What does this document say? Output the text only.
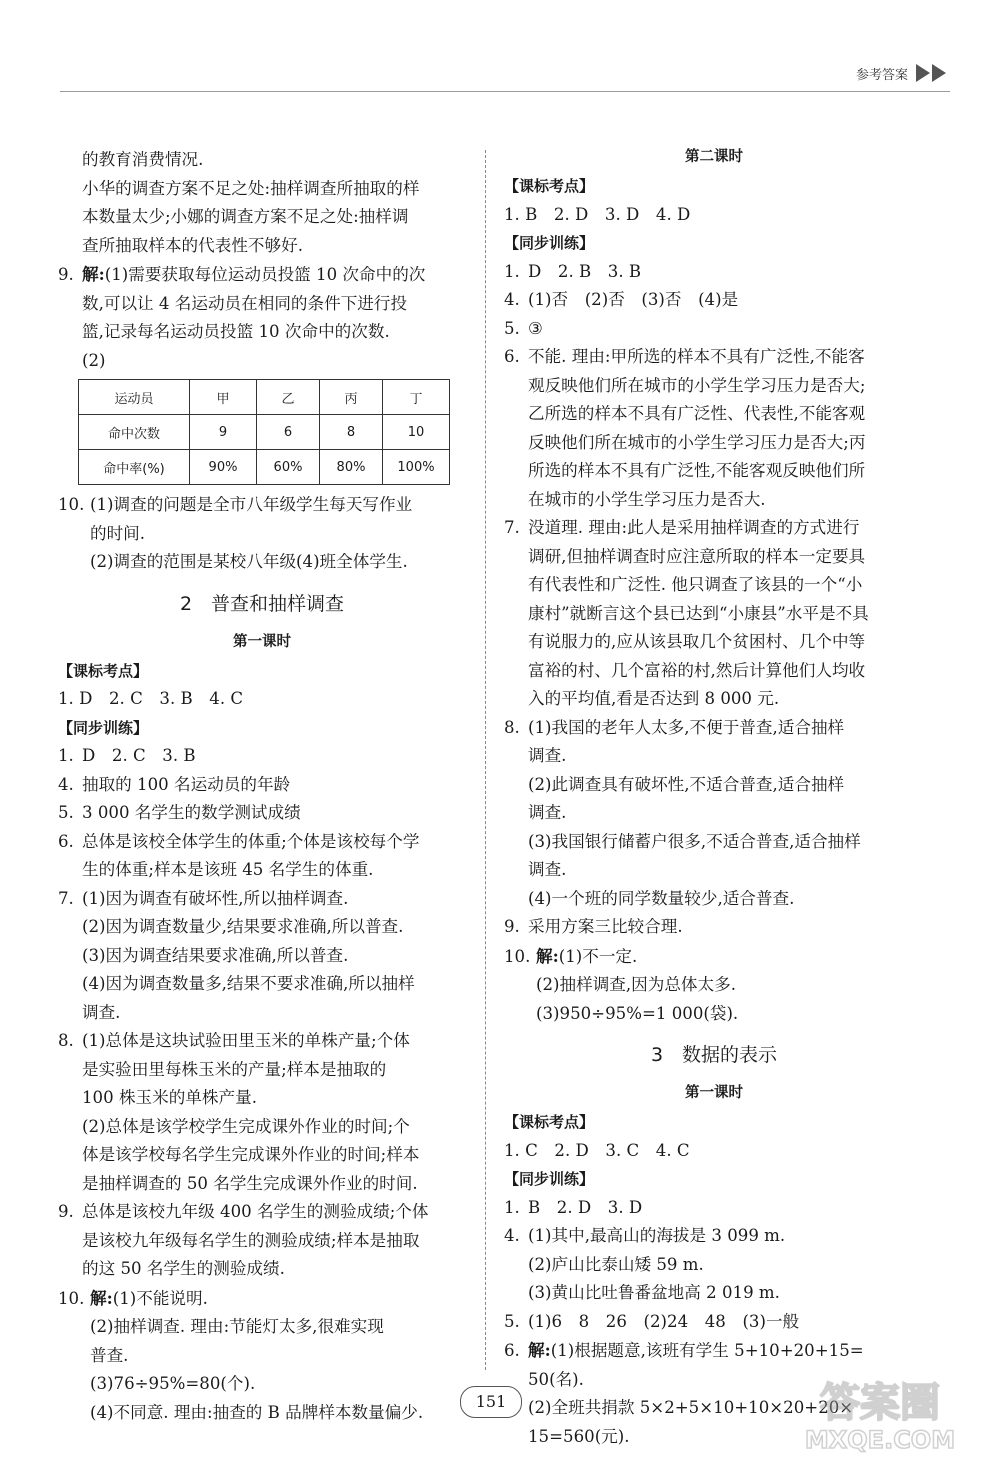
参考答案

的教育消费情况.

小华的调查方案不足之处:抽样调查所抽取的样

本数量太少;小娜的调查方案不足之处:抽样调

查所抽取样本的代表性不够好.

9. 解:(1)需要获取每位运动员投篮 10 次命中的次

数,可以让 4 名运动员在相同的条件下进行投

篮,记录每名运动员投篮 10 次命中的次数.

(2)

运动员	甲	乙	丙	丁
命中次数	9	6	8	10
命中率(%)	90%	60%	80%	100%

10. (1)调查的问题是全市八年级学生每天写作业

的时间.

(2)调查的范围是某校八年级(4)班全体学生.

2　普查和抽样调查
第一课时

【课标考点】

1. D　2. C　3. B　4. C

【同步训练】

1. D　2. C　3. B

4. 抽取的 100 名运动员的年龄

5. 3 000 名学生的数学测试成绩

6. 总体是该校全体学生的体重;个体是该校每个学

生的体重;样本是该班 45 名学生的体重.

7. (1)因为调查有破坏性,所以抽样调查.

(2)因为调查数量少,结果要求准确,所以普查.

(3)因为调查结果要求准确,所以普查.

(4)因为调查数量多,结果不要求准确,所以抽样

调查.

8. (1)总体是这块试验田里玉米的单株产量;个体

是实验田里每株玉米的产量;样本是抽取的

100 株玉米的单株产量.

(2)总体是该学校学生完成课外作业的时间;个

体是该学校每名学生完成课外作业的时间;样本

是抽样调查的 50 名学生完成课外作业的时间.

9. 总体是该校九年级 400 名学生的测验成绩;个体

是该校九年级每名学生的测验成绩;样本是抽取

的这 50 名学生的测验成绩.

10. 解:(1)不能说明.

(2)抽样调查. 理由:节能灯太多,很难实现

普查.

(3)76÷95%=80(个).

(4)不同意. 理由:抽查的 B 品牌样本数量偏少.

第二课时

【课标考点】

1. B　2. D　3. D　4. D

【同步训练】

1. D　2. B　3. B

4. (1)否　(2)否　(3)否　(4)是

5. ③

6. 不能. 理由:甲所选的样本不具有广泛性,不能客

观反映他们所在城市的小学生学习压力是否大;

乙所选的样本不具有广泛性、代表性,不能客观

反映他们所在城市的小学生学习压力是否大;丙

所选的样本不具有广泛性,不能客观反映他们所

在城市的小学生学习压力是否大.

7. 没道理. 理由:此人是采用抽样调查的方式进行

调研,但抽样调查时应注意所取的样本一定要具

有代表性和广泛性. 他只调查了该县的一个“小

康村”就断言这个县已达到“小康县”水平是不具

有说服力的,应从该县取几个贫困村、几个中等

富裕的村、几个富裕的村,然后计算他们人均收

入的平均值,看是否达到 8 000 元.

8. (1)我国的老年人太多,不便于普查,适合抽样

调查.

(2)此调查具有破坏性,不适合普查,适合抽样

调查.

(3)我国银行储蓄户很多,不适合普查,适合抽样

调查.

(4)一个班的同学数量较少,适合普查.

9. 采用方案三比较合理.

10. 解:(1)不一定.

(2)抽样调查,因为总体太多.

(3)950÷95%=1 000(袋).

3　数据的表示
第一课时

【课标考点】

1. C　2. D　3. C　4. C

【同步训练】

1. B　2. D　3. D

4. (1)其中,最高山的海拔是 3 099 m.

(2)庐山比泰山矮 59 m.

(3)黄山比吐鲁番盆地高 2 019 m.

5. (1)6　8　26　(2)24　48　(3)一般

6. 解:(1)根据题意,该班有学生 5+10+20+15=

50(名).

(2)全班共捐款 5×2+5×10+10×20+20×

15=560(元).

151	答案圈
MXQE.COM
